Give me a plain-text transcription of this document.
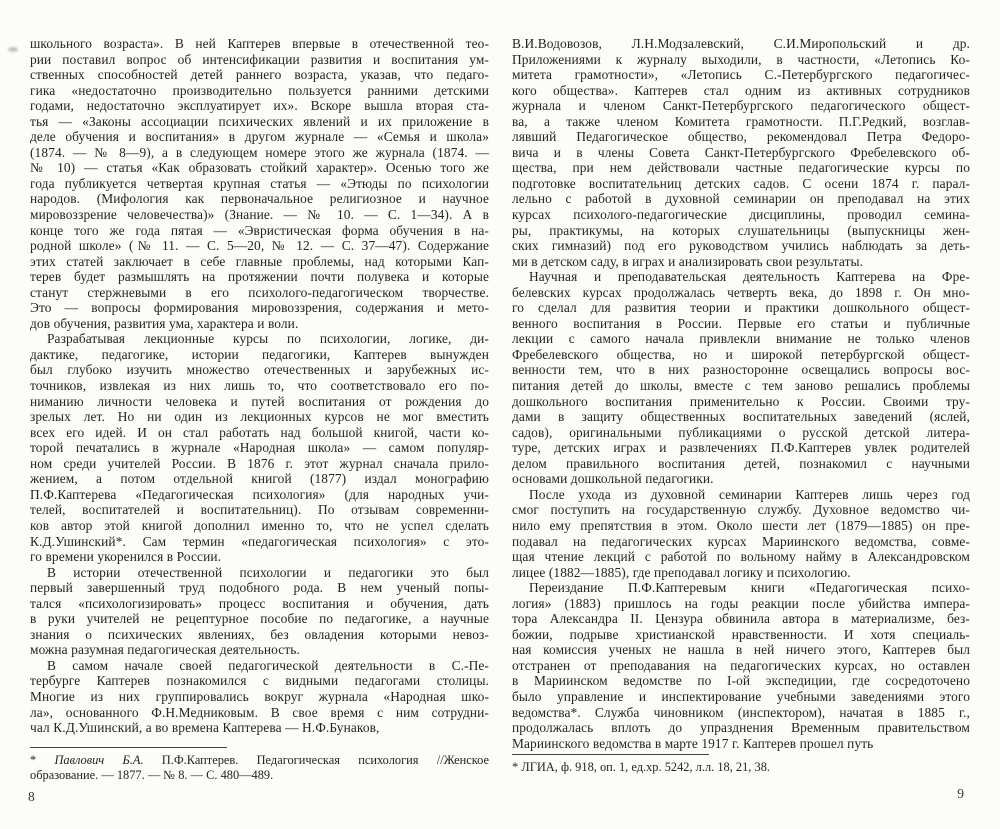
школьного возраста». В ней Каптерев впервые в отечественной тео-
рии поставил вопрос об интенсификации развития и воспитания ум-
ственных способностей детей раннего возраста, указав, что педаго-
гика «недостаточно производительно пользуется ранними детскими
годами, недостаточно эксплуатирует их». Вскоре вышла вторая ста-
тья — «Законы ассоциации психических явлений и их приложение в
деле обучения и воспитания» в другом журнале — «Семья и школа»
(1874. — № 8—9), а в следующем номере этого же журнала (1874. —
№ 10) — статья «Как образовать стойкий характер». Осенью того же
года публикуется четвертая крупная статья — «Этюды по психологии
народов. (Мифология как первоначальное религиозное и научное
мировоззрение человечества)» (Знание. — № 10. — С. 1—34). А в
конце того же года пятая — «Эвристическая форма обучения в на-
родной школе» (№ 11. — С. 5—20, № 12. — С. 37—47). Содержание
этих статей заключает в себе главные проблемы, над которыми Кап-
терев будет размышлять на протяжении почти полувека и которые
станут стержневыми в его психолого-педагогическом творчестве.
Это — вопросы формирования мировоззрения, содержания и мето-
дов обучения, развития ума, характера и воли.
Разрабатывая лекционные курсы по психологии, логике, ди-
дактике, педагогике, истории педагогики, Каптерев вынужден
был глубоко изучить множество отечественных и зарубежных ис-
точников, извлекая из них лишь то, что соответствовало его по-
ниманию личности человека и путей воспитания от рождения до
зрелых лет. Но ни один из лекционных курсов не мог вместить
всех его идей. И он стал работать над большой книгой, части ко-
торой печатались в журнале «Народная школа» — самом популяр-
ном среди учителей России. В 1876 г. этот журнал сначала прило-
жением, а потом отдельной книгой (1877) издал монографию
П.Ф.Каптерева «Педагогическая психология» (для народных учи-
телей, воспитателей и воспитательниц). По отзывам современни-
ков автор этой книгой дополнил именно то, что не успел сделать
К.Д.Ушинский*. Сам термин «педагогическая психология» с это-
го времени укоренился в России.
В истории отечественной психологии и педагогики это был
первый завершенный труд подобного рода. В нем ученый попы-
тался «психологизировать» процесс воспитания и обучения, дать
в руки учителей не рецептурное пособие по педагогике, а научные
знания о психических явлениях, без овладения которыми невоз-
можна разумная педагогическая деятельность.
В самом начале своей педагогической деятельности в С.-Пе-
тербурге Каптерев познакомился с видными педагогами столицы.
Многие из них группировались вокруг журнала «Народная шко-
ла», основанного Ф.Н.Медниковым. В свое время с ним сотрудни-
чал К.Д.Ушинский, а во времена Каптерева — Н.Ф.Бунаков,
* Павлович Б.А. П.Ф.Каптерев. Педагогическая психология //Женское
образование. — 1877. — № 8. — С. 480—489.
8
В.И.Водовозов, Л.Н.Модзалевский, С.И.Миропольский и др.
Приложениями к журналу выходили, в частности, «Летопись Ко-
митета грамотности», «Летопись С.-Петербургского педагогичес-
кого общества». Каптерев стал одним из активных сотрудников
журнала и членом Санкт-Петербургского педагогического общест-
ва, а также членом Комитета грамотности. П.Г.Редкий, возглав-
лявший Педагогическое общество, рекомендовал Петра Федоро-
вича и в члены Совета Санкт-Петербургского Фребелевского об-
щества, при нем действовали частные педагогические курсы по
подготовке воспитательниц детских садов. С осени 1874 г. парал-
лельно с работой в духовной семинарии он преподавал на этих
курсах психолого-педагогические дисциплины, проводил семина-
ры, практикумы, на которых слушательницы (выпускницы жен-
ских гимназий) под его руководством учились наблюдать за деть-
ми в детском саду, в играх и анализировать свои результаты.
Научная и преподавательская деятельность Каптерева на Фре-
белевских курсах продолжалась четверть века, до 1898 г. Он мно-
го сделал для развития теории и практики дошкольного общест-
венного воспитания в России. Первые его статьи и публичные
лекции с самого начала привлекли внимание не только членов
Фребелевского общества, но и широкой петербургской общест-
венности тем, что в них разносторонне освещались вопросы вос-
питания детей до школы, вместе с тем заново решались проблемы
дошкольного воспитания применительно к России. Своими тру-
дами в защиту общественных воспитательных заведений (яслей,
садов), оригинальными публикациями о русской детской литера-
туре, детских играх и развлечениях П.Ф.Каптерев увлек родителей
делом правильного воспитания детей, познакомил с научными
основами дошкольной педагогики.
После ухода из духовной семинарии Каптерев лишь через год
смог поступить на государственную службу. Духовное ведомство чи-
нило ему препятствия в этом. Около шести лет (1879—1885) он пре-
подавал на педагогических курсах Мариинского ведомства, совме-
щая чтение лекций с работой по вольному найму в Александровском
лицее (1882—1885), где преподавал логику и психологию.
Переиздание П.Ф.Каптеревым книги «Педагогическая психо-
логия» (1883) пришлось на годы реакции после убийства импера-
тора Александра II. Цензура обвинила автора в материализме, без-
божии, подрыве христианской нравственности. И хотя специаль-
ная комиссия ученых не нашла в ней ничего этого, Каптерев был
отстранен от преподавания на педагогических курсах, но оставлен
в Мариинском ведомстве по I-ой экспедиции, где сосредоточено
было управление и инспектирование учебными заведениями этого
ведомства*. Служба чиновником (инспектором), начатая в 1885 г.,
продолжалась вплоть до упразднения Временным правительством
Мариинского ведомства в марте 1917 г. Каптерев прошел путь
* ЛГИА, ф. 918, оп. 1, ед.хр. 5242, л.л. 18, 21, 38.
9
